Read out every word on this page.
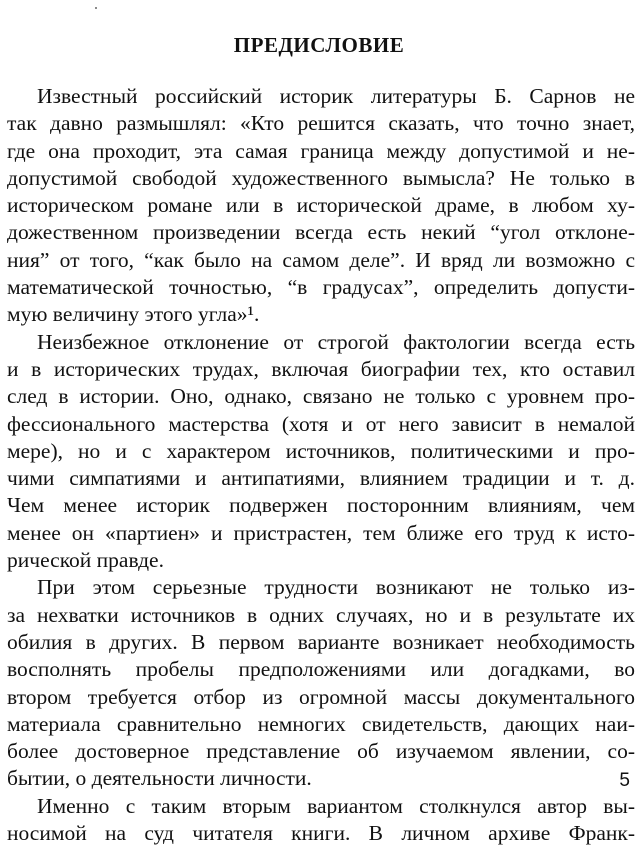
ПРЕДИСЛОВИЕ
Известный российский историк литературы Б. Сарнов не
так давно размышлял: «Кто решится сказать, что точно знает,
где она проходит, эта самая граница между допустимой и не-
допустимой свободой художественного вымысла? Не только в
историческом романе или в исторической драме, в любом ху-
дожественном произведении всегда есть некий “угол отклоне-
ния” от того, “как было на самом деле”. И вряд ли возможно с
математической точностью, “в градусах”, определить допусти-
мую величину этого угла»¹.
Неизбежное отклонение от строгой фактологии всегда есть
и в исторических трудах, включая биографии тех, кто оставил
след в истории. Оно, однако, связано не только с уровнем про-
фессионального мастерства (хотя и от него зависит в немалой
мере), но и с характером источников, политическими и про-
чими симпатиями и антипатиями, влиянием традиции и т. д.
Чем менее историк подвержен посторонним влияниям, чем
менее он «партиен» и пристрастен, тем ближе его труд к исто-
рической правде.
При этом серьезные трудности возникают не только из-
за нехватки источников в одних случаях, но и в результате их
обилия в других. В первом варианте возникает необходимость
восполнять пробелы предположениями или догадками, во
втором требуется отбор из огромной массы документального
материала сравнительно немногих свидетельств, дающих наи-
более достоверное представление об изучаемом явлении, со-
бытии, о деятельности личности.
Именно с таким вторым вариантом столкнулся автор вы-
носимой на суд читателя книги. В личном архиве Франк-
5
